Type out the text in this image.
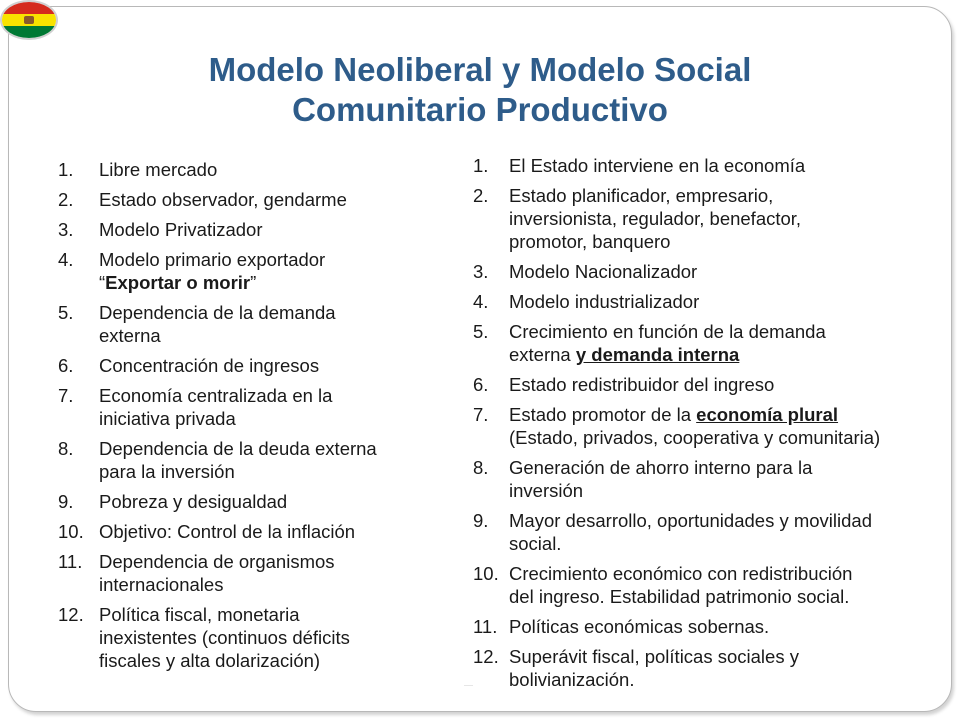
Modelo Neoliberal y Modelo Social
Comunitario Productivo
1. Libre mercado
2. Estado observador, gendarme
3. Modelo Privatizador
4. Modelo primario exportador
“Exportar o morir”
5. Dependencia de la demanda
externa
6. Concentración de ingresos
7. Economía centralizada en la
iniciativa privada
8. Dependencia de la deuda externa
para la inversión
9. Pobreza y desigualdad
10. Objetivo: Control de la inflación
11. Dependencia de organismos
internacionales
12. Política fiscal, monetaria
inexistentes (continuos déficits
fiscales y alta dolarización)
1. El Estado interviene en la economía
2. Estado planificador, empresario,
inversionista, regulador, benefactor,
promotor, banquero
3. Modelo Nacionalizador
4. Modelo industrializador
5. Crecimiento en función de la demanda
externa y demanda interna
6. Estado redistribuidor del ingreso
7. Estado promotor de la economía plural
(Estado, privados, cooperativa y comunitaria)
8. Generación de ahorro interno para la
inversión
9. Mayor desarrollo, oportunidades y movilidad
social.
10. Crecimiento económico con redistribución
del ingreso. Estabilidad patrimonio social.
11. Políticas económicas sobernas.
12. Superávit fiscal, políticas sociales y
bolivianización.
